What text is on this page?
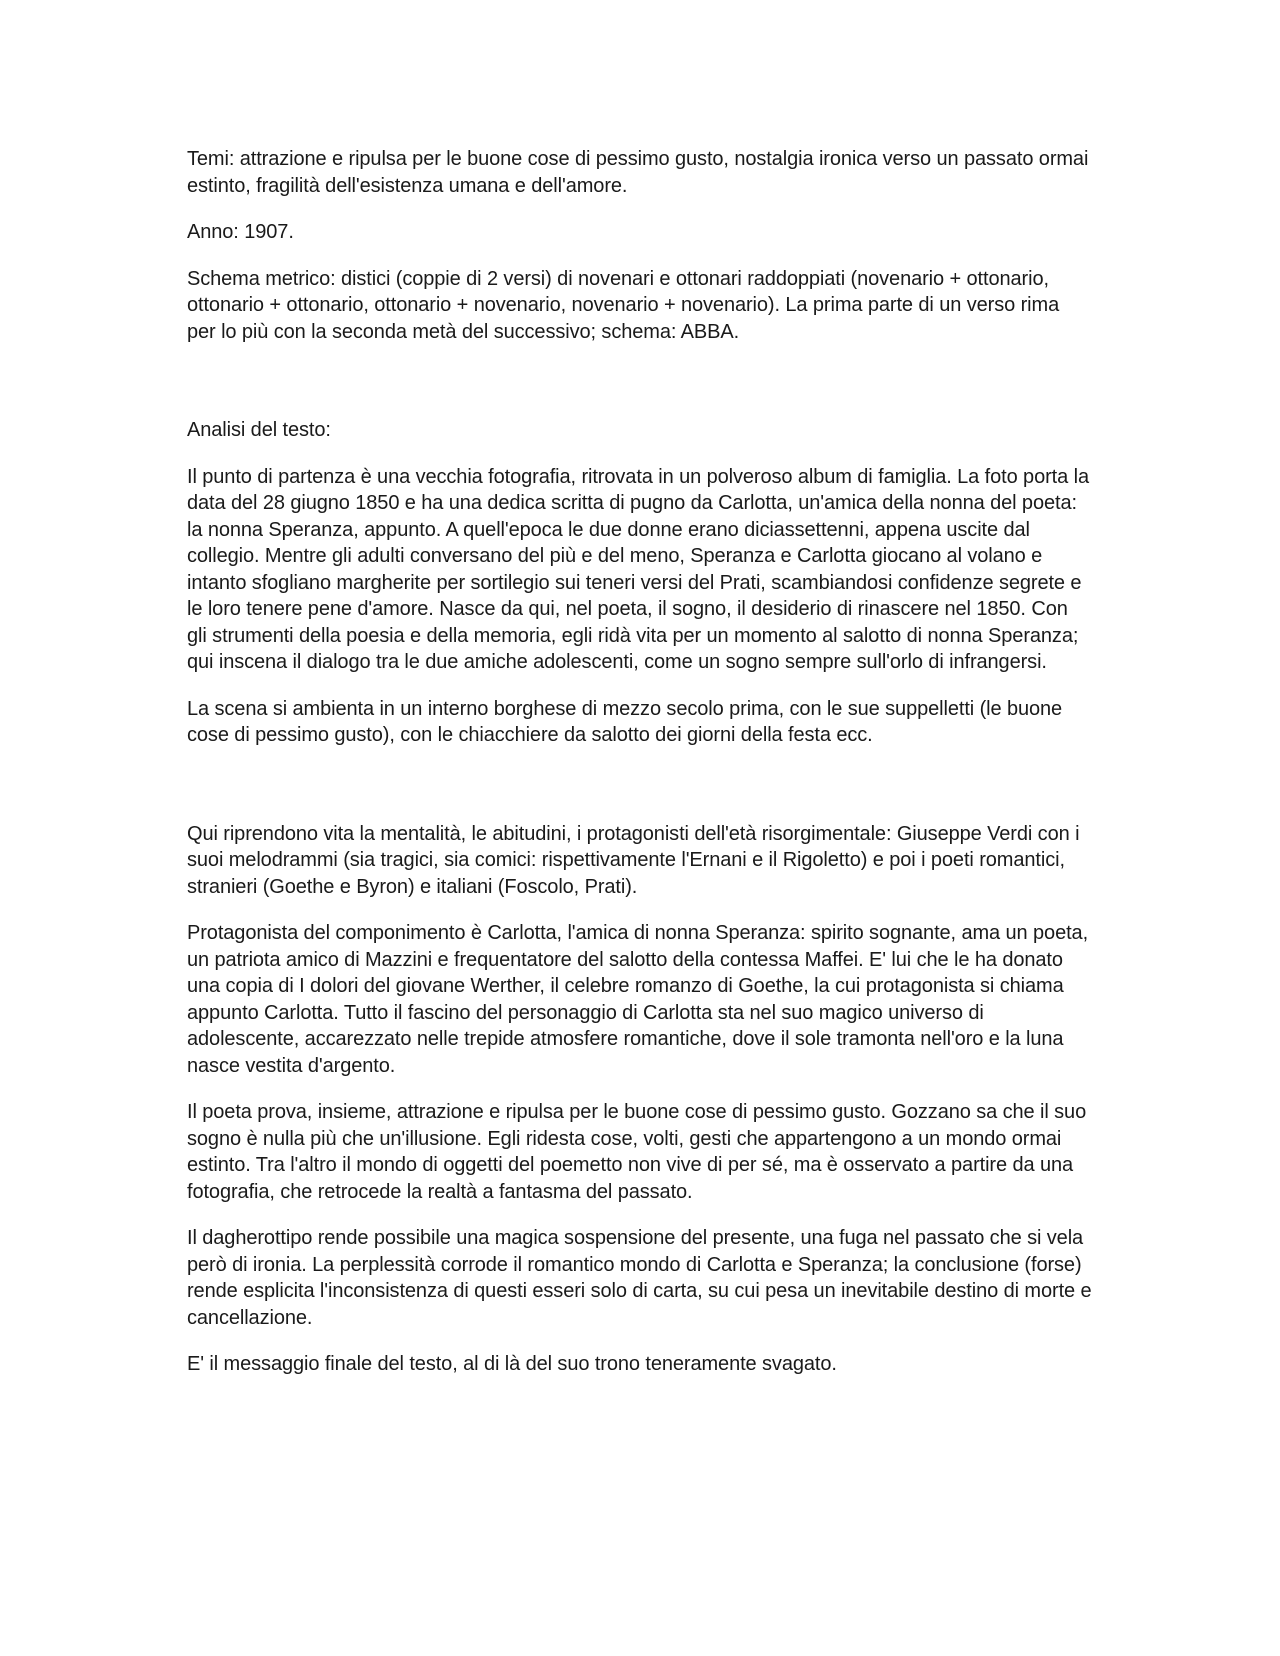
Temi: attrazione e ripulsa per le buone cose di pessimo gusto, nostalgia ironica verso un passato ormai estinto, fragilità dell'esistenza umana e dell'amore.

Anno: 1907.

Schema metrico: distici (coppie di 2 versi) di novenari e ottonari raddoppiati (novenario + ottonario, ottonario + ottonario, ottonario + novenario, novenario + novenario). La prima parte di un verso rima per lo più con la seconda metà del successivo; schema: ABBA.

Analisi del testo:

Il punto di partenza è una vecchia fotografia, ritrovata in un polveroso album di famiglia. La foto porta la data del 28 giugno 1850 e ha una dedica scritta di pugno da Carlotta, un'amica della nonna del poeta: la nonna Speranza, appunto. A quell'epoca le due donne erano diciassettenni, appena uscite dal collegio. Mentre gli adulti conversano del più e del meno, Speranza e Carlotta giocano al volano e intanto sfogliano margherite per sortilegio sui teneri versi del Prati, scambiandosi confidenze segrete e le loro tenere pene d'amore. Nasce da qui, nel poeta, il sogno, il desiderio di rinascere nel 1850. Con gli strumenti della poesia e della memoria, egli ridà vita per un momento al salotto di nonna Speranza; qui inscena il dialogo tra le due amiche adolescenti, come un sogno sempre sull'orlo di infrangersi.

La scena si ambienta in un interno borghese di mezzo secolo prima, con le sue suppelletti (le buone cose di pessimo gusto), con le chiacchiere da salotto dei giorni della festa ecc.

Qui riprendono vita la mentalità, le abitudini, i protagonisti dell'età risorgimentale: Giuseppe Verdi con i suoi melodrammi (sia tragici, sia comici: rispettivamente l'Ernani e il Rigoletto) e poi i poeti romantici, stranieri (Goethe e Byron) e italiani (Foscolo, Prati).

Protagonista del componimento è Carlotta, l'amica di nonna Speranza: spirito sognante, ama un poeta, un patriota amico di Mazzini e frequentatore del salotto della contessa Maffei. E' lui che le ha donato una copia di I dolori del giovane Werther, il celebre romanzo di Goethe, la cui protagonista si chiama appunto Carlotta. Tutto il fascino del personaggio di Carlotta sta nel suo magico universo di adolescente, accarezzato nelle trepide atmosfere romantiche, dove il sole tramonta nell'oro e la luna nasce vestita d'argento.

Il poeta prova, insieme, attrazione e ripulsa per le buone cose di pessimo gusto. Gozzano sa che il suo sogno è nulla più che un'illusione. Egli ridesta cose, volti, gesti che appartengono a un mondo ormai estinto. Tra l'altro il mondo di oggetti del poemetto non vive di per sé, ma è osservato a partire da una fotografia, che retrocede la realtà a fantasma del passato.

Il dagherottipo rende possibile una magica sospensione del presente, una fuga nel passato che si vela però di ironia. La perplessità corrode il romantico mondo di Carlotta e Speranza; la conclusione (forse) rende esplicita l'inconsistenza di questi esseri solo di carta, su cui pesa un inevitabile destino di morte e cancellazione.

E' il messaggio finale del testo, al di là del suo trono teneramente svagato.
